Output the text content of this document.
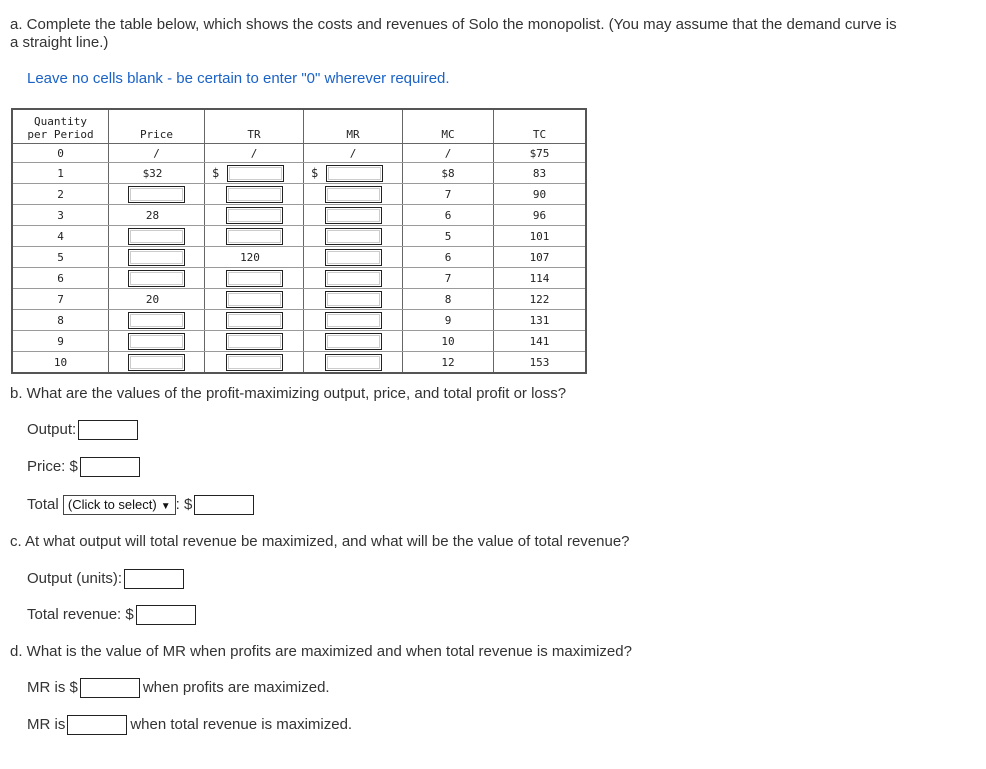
a. Complete the table below, which shows the costs and revenues of Solo the monopolist. (You may assume that the demand curve is
a straight line.)
Leave no cells blank - be certain to enter "0" wherever required.
Quantity
per Period	Price	TR	MR	MC	TC
0	/	/	/	/	$75
1	$32	$	$	$8	83
2				7	90
3	28			6	96
4				5	101
5		120		6	107
6				7	114
7	20			8	122
8				9	131
9				10	141
10				12	153
b. What are the values of the profit-maximizing output, price, and total profit or loss?
Output:
Price: $
Total (Click to select) ▼ : $
c. At what output will total revenue be maximized, and what will be the value of total revenue?
Output (units):
Total revenue: $
d. What is the value of MR when profits are maximized and when total revenue is maximized?
MR is $	when profits are maximized.
MR is	when total revenue is maximized.
